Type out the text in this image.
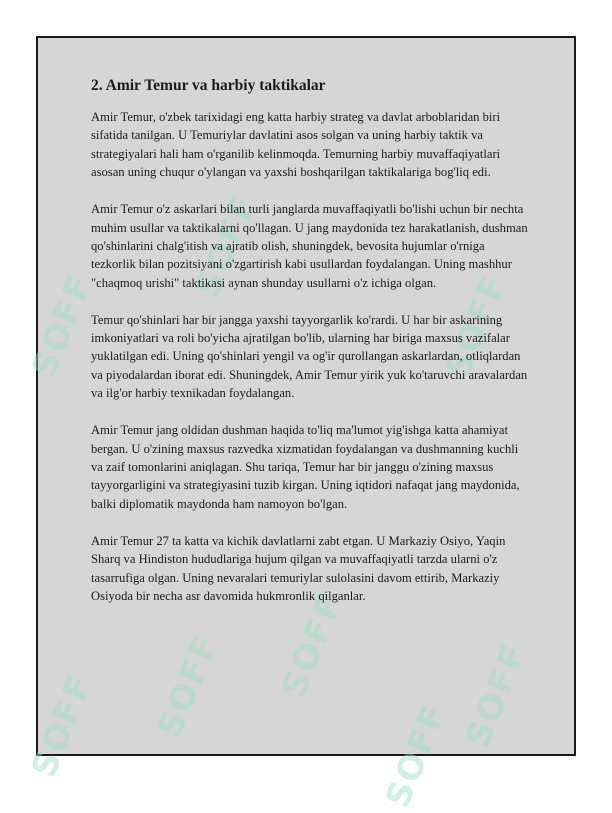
SOFF
SOFF SOFF SOFF
SOFF
SOFF
SOFF
SOFF
2. Amir Temur va harbiy taktikalar

Amir Temur, o'zbek tarixidagi eng katta harbiy strateg va davlat arboblaridan biri sifatida tanilgan. U Temuriylar davlatini asos solgan va uning harbiy taktik va strategiyalari hali ham o'rganilib kelinmoqda. Temurning harbiy muvaffaqiyatlari asosan uning chuqur o'ylangan va yaxshi boshqarilgan taktikalariga bog'liq edi.

Amir Temur o'z askarlari bilan turli janglarda muvaffaqiyatli bo'lishi uchun bir nechta muhim usullar va taktikalarni qo'llagan. U jang maydonida tez harakatlanish, dushman qo'shinlarini chalg'itish va ajratib olish, shuningdek, bevosita hujumlar o'rniga tezkorlik bilan pozitsiyani o'zgartirish kabi usullardan foydalangan. Uning mashhur "chaqmoq urishi" taktikasi aynan shunday usullarni o'z ichiga olgan.

Temur qo'shinlari har bir jangga yaxshi tayyorgarlik ko'rardi. U har bir askarining imkoniyatlari va roli bo'yicha ajratilgan bo'lib, ularning har biriga maxsus vazifalar yuklatilgan edi. Uning qo'shinlari yengil va og'ir qurollangan askarlardan, otliqlardan va piyodalardan iborat edi. Shuningdek, Amir Temur yirik yuk ko'taruvchi aravalardan va ilg'or harbiy texnikadan foydalangan.

Amir Temur jang oldidan dushman haqida to'liq ma'lumot yig'ishga katta ahamiyat bergan. U o'zining maxsus razvedka xizmatidan foydalangan va dushmanning kuchli va zaif tomonlarini aniqlagan. Shu tariqa, Temur har bir janggu o'zining maxsus tayyorgarligini va strategiyasini tuzib kirgan. Uning iqtidori nafaqat jang maydonida, balki diplomatik maydonda ham namoyon bo'lgan.

Amir Temur 27 ta katta va kichik davlatlarni zabt etgan. U Markaziy Osiyo, Yaqin Sharq va Hindiston hududlariga hujum qilgan va muvaffaqiyatli tarzda ularni o'z tasarrufiga olgan. Uning nevaralari temuriylar sulolasini davom ettirib, Markaziy Osiyoda bir necha asr davomida hukmronlik qilganlar.
